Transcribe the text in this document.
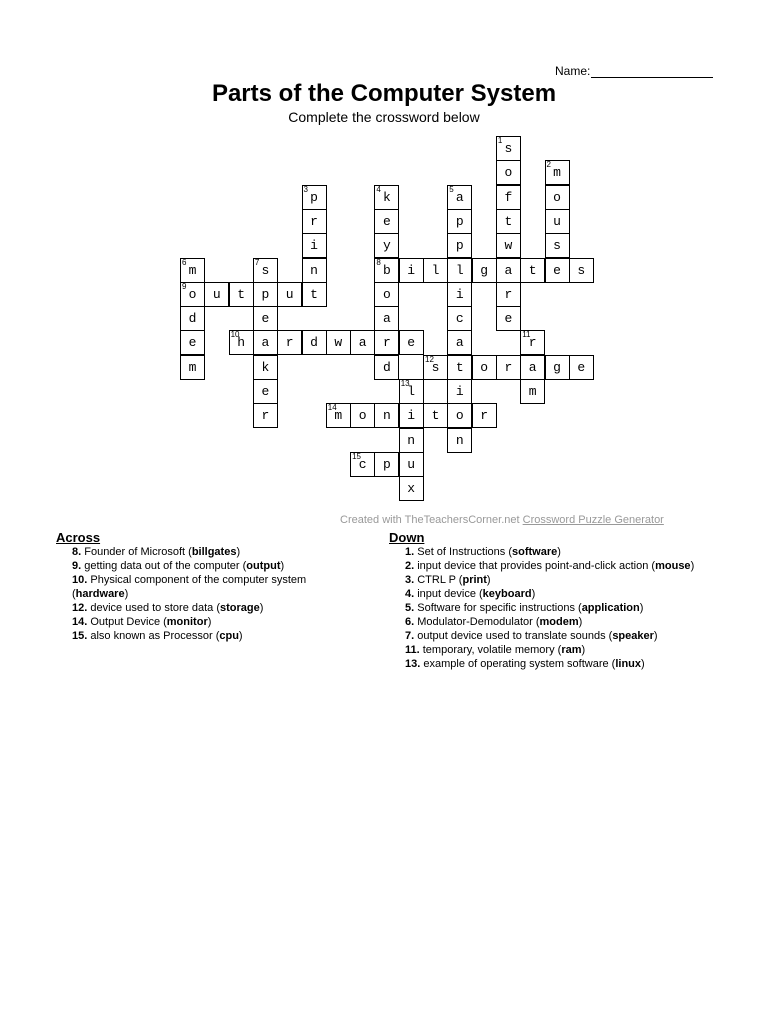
Name:
Parts of the Computer System
Complete the crossword below
s
1
o
f
t
w
a
r
e
m
2
o
u
s
e
p
3
r
i
n
t
k
4
e
y
b
8
o
a
r
d
a
5
p
p
l
i
c
a
t
i
o
n
m
6
o
9
d
e
m
s
7
p
e
a
k
e
r
i	l	g	t	s
u	t	u
h
10
r	d	w	a	e	r
11
a
m
s
12
o	r	g	e
l
13
i
n
u
x
m
14
o	n	t	r
c
15
p
Created with TheTeachersCorner.net Crossword Puzzle Generator
Across
8. Founder of Microsoft (billgates)
9. getting data out of the computer (output)
10. Physical component of the computer system (hardware)
12. device used to store data (storage)
14. Output Device (monitor)
15. also known as Processor (cpu)
Down
1. Set of Instructions (software)
2. input device that provides point-and-click action (mouse)
3. CTRL P (print)
4. input device (keyboard)
5. Software for specific instructions (application)
6. Modulator-Demodulator (modem)
7. output device used to translate sounds (speaker)
11. temporary, volatile memory (ram)
13. example of operating system software (linux)
